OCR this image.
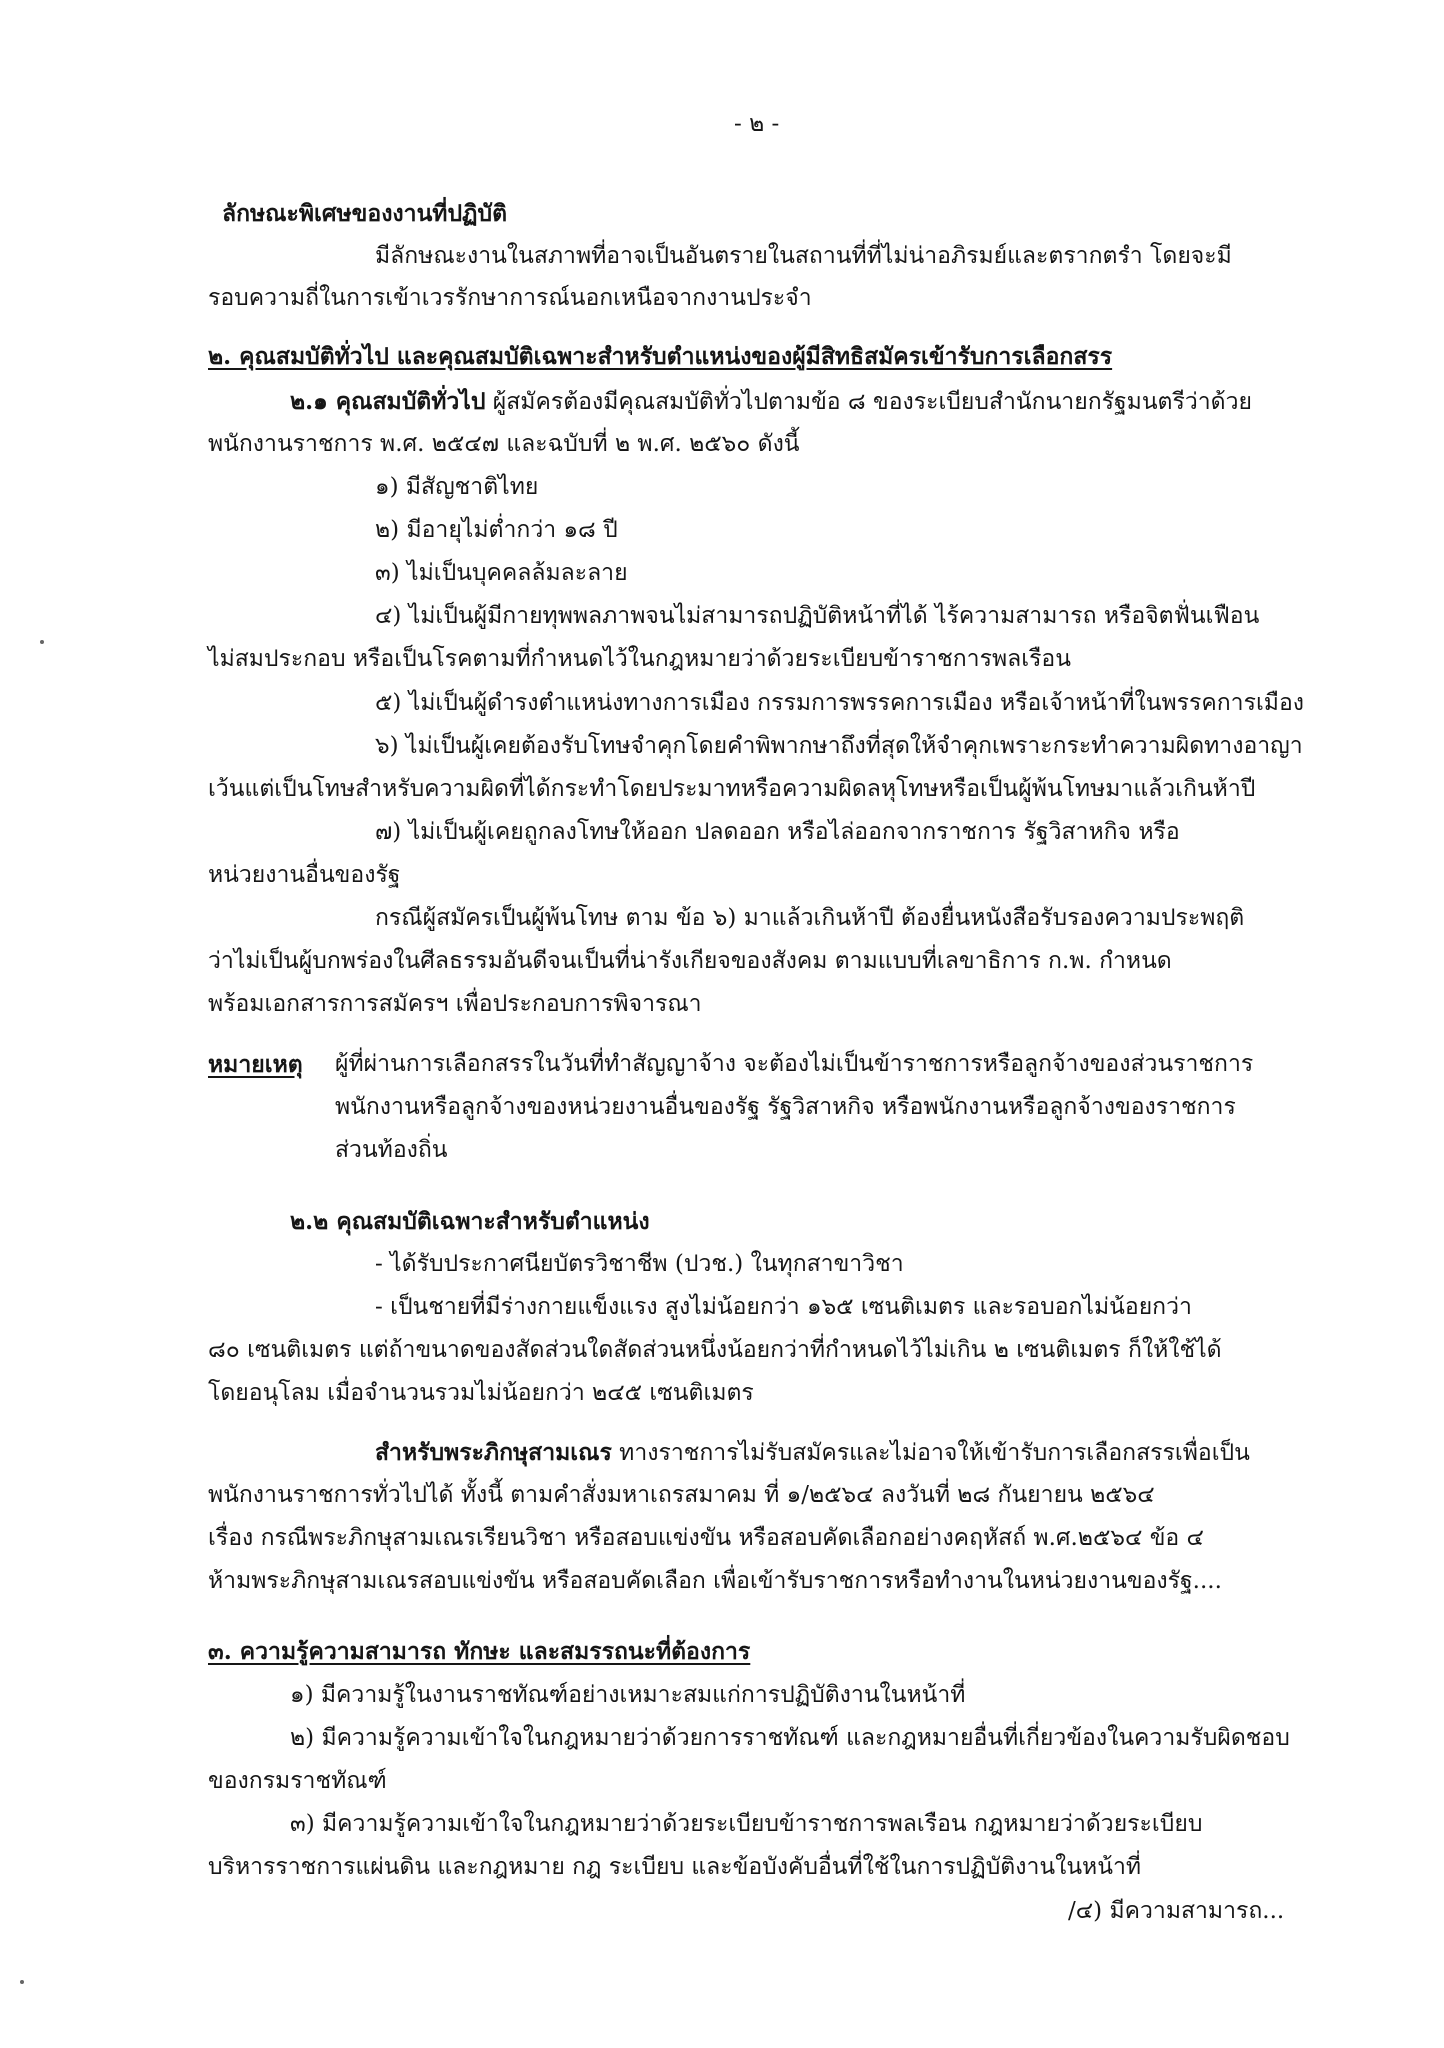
- ๒ -
ลักษณะพิเศษของงานที่ปฏิบัติ
มีลักษณะงานในสภาพที่อาจเป็นอันตรายในสถานที่ที่ไม่น่าอภิรมย์และตรากตรำ โดยจะมี
รอบความถี่ในการเข้าเวรรักษาการณ์นอกเหนือจากงานประจำ
๒. คุณสมบัติทั่วไป และคุณสมบัติเฉพาะสำหรับตำแหน่งของผู้มีสิทธิสมัครเข้ารับการเลือกสรร
๒.๑ คุณสมบัติทั่วไป ผู้สมัครต้องมีคุณสมบัติทั่วไปตามข้อ ๘ ของระเบียบสำนักนายกรัฐมนตรีว่าด้วย
พนักงานราชการ พ.ศ. ๒๕๔๗ และฉบับที่ ๒ พ.ศ. ๒๕๖๐ ดังนี้
๑) มีสัญชาติไทย
๒) มีอายุไม่ต่ำกว่า ๑๘ ปี
๓) ไม่เป็นบุคคลล้มละลาย
๔) ไม่เป็นผู้มีกายทุพพลภาพจนไม่สามารถปฏิบัติหน้าที่ได้ ไร้ความสามารถ หรือจิตฟั่นเฟือน
ไม่สมประกอบ หรือเป็นโรคตามที่กำหนดไว้ในกฎหมายว่าด้วยระเบียบข้าราชการพลเรือน
๕) ไม่เป็นผู้ดำรงตำแหน่งทางการเมือง กรรมการพรรคการเมือง หรือเจ้าหน้าที่ในพรรคการเมือง
๖) ไม่เป็นผู้เคยต้องรับโทษจำคุกโดยคำพิพากษาถึงที่สุดให้จำคุกเพราะกระทำความผิดทางอาญา
เว้นแต่เป็นโทษสำหรับความผิดที่ได้กระทำโดยประมาทหรือความผิดลหุโทษหรือเป็นผู้พ้นโทษมาแล้วเกินห้าปี
๗) ไม่เป็นผู้เคยถูกลงโทษให้ออก ปลดออก หรือไล่ออกจากราชการ รัฐวิสาหกิจ หรือ
หน่วยงานอื่นของรัฐ
กรณีผู้สมัครเป็นผู้พ้นโทษ ตาม ข้อ ๖) มาแล้วเกินห้าปี ต้องยื่นหนังสือรับรองความประพฤติ
ว่าไม่เป็นผู้บกพร่องในศีลธรรมอันดีจนเป็นที่น่ารังเกียจของสังคม ตามแบบที่เลขาธิการ ก.พ. กำหนด
พร้อมเอกสารการสมัครฯ เพื่อประกอบการพิจารณา
หมายเหตุ ผู้ที่ผ่านการเลือกสรรในวันที่ทำสัญญาจ้าง จะต้องไม่เป็นข้าราชการหรือลูกจ้างของส่วนราชการ
พนักงานหรือลูกจ้างของหน่วยงานอื่นของรัฐ รัฐวิสาหกิจ หรือพนักงานหรือลูกจ้างของราชการ
ส่วนท้องถิ่น
๒.๒ คุณสมบัติเฉพาะสำหรับตำแหน่ง
- ได้รับประกาศนียบัตรวิชาชีพ (ปวช.) ในทุกสาขาวิชา
- เป็นชายที่มีร่างกายแข็งแรง สูงไม่น้อยกว่า ๑๖๕ เซนติเมตร และรอบอกไม่น้อยกว่า
๘๐ เซนติเมตร แต่ถ้าขนาดของสัดส่วนใดสัดส่วนหนึ่งน้อยกว่าที่กำหนดไว้ไม่เกิน ๒ เซนติเมตร ก็ให้ใช้ได้
โดยอนุโลม เมื่อจำนวนรวมไม่น้อยกว่า ๒๔๕ เซนติเมตร
สำหรับพระภิกษุสามเณร ทางราชการไม่รับสมัครและไม่อาจให้เข้ารับการเลือกสรรเพื่อเป็น
พนักงานราชการทั่วไปได้ ทั้งนี้ ตามคำสั่งมหาเถรสมาคม ที่ ๑/๒๕๖๔ ลงวันที่ ๒๘ กันยายน ๒๕๖๔
เรื่อง กรณีพระภิกษุสามเณรเรียนวิชา หรือสอบแข่งขัน หรือสอบคัดเลือกอย่างคฤหัสถ์ พ.ศ.๒๕๖๔ ข้อ ๔
ห้ามพระภิกษุสามเณรสอบแข่งขัน หรือสอบคัดเลือก เพื่อเข้ารับราชการหรือทำงานในหน่วยงานของรัฐ....
๓. ความรู้ความสามารถ ทักษะ และสมรรถนะที่ต้องการ
๑) มีความรู้ในงานราชทัณฑ์อย่างเหมาะสมแก่การปฏิบัติงานในหน้าที่
๒) มีความรู้ความเข้าใจในกฎหมายว่าด้วยการราชทัณฑ์ และกฎหมายอื่นที่เกี่ยวข้องในความรับผิดชอบ
ของกรมราชทัณฑ์
๓) มีความรู้ความเข้าใจในกฎหมายว่าด้วยระเบียบข้าราชการพลเรือน กฎหมายว่าด้วยระเบียบ
บริหารราชการแผ่นดิน และกฎหมาย กฎ ระเบียบ และข้อบังคับอื่นที่ใช้ในการปฏิบัติงานในหน้าที่
/๔) มีความสามารถ...
